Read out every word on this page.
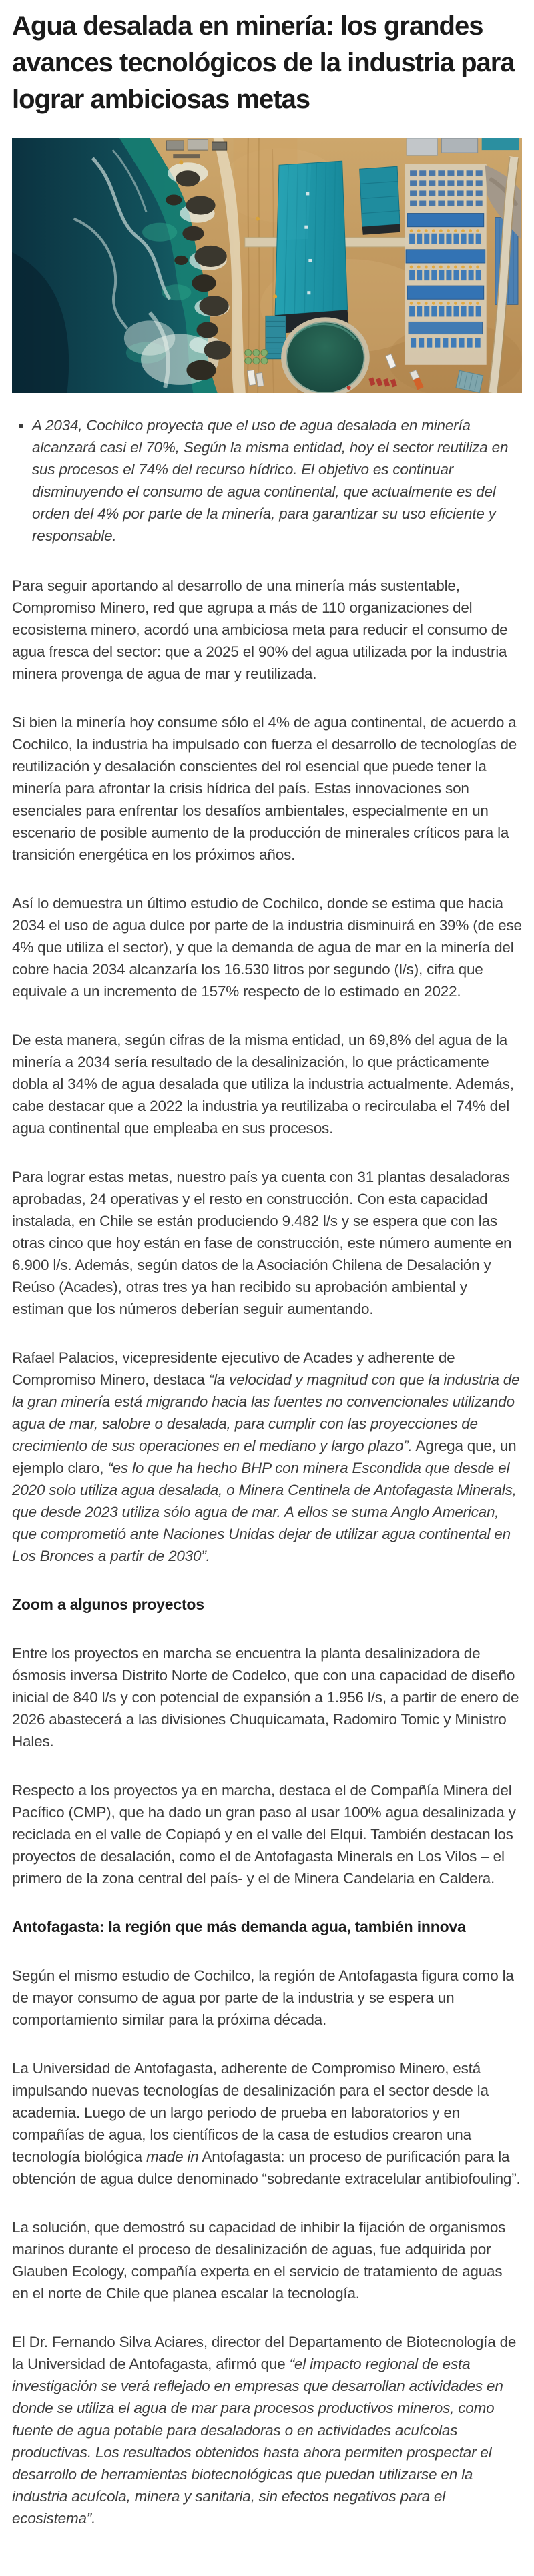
Agua desalada en minería: los grandes avances tecnológicos de la industria para lograr ambiciosas metas
• A 2034, Cochilco proyecta que el uso de agua desalada en minería alcanzará casi el 70%, Según la misma entidad, hoy el sector reutiliza en sus procesos el 74% del recurso hídrico. El objetivo es continuar disminuyendo el consumo de agua continental, que actualmente es del orden del 4% por parte de la minería, para garantizar su uso eficiente y responsable.

Para seguir aportando al desarrollo de una minería más sustentable, Compromiso Minero, red que agrupa a más de 110 organizaciones del ecosistema minero, acordó una ambiciosa meta para reducir el consumo de agua fresca del sector: que a 2025 el 90% del agua utilizada por la industria minera provenga de agua de mar y reutilizada.

Si bien la minería hoy consume sólo el 4% de agua continental, de acuerdo a Cochilco, la industria ha impulsado con fuerza el desarrollo de tecnologías de reutilización y desalación conscientes del rol esencial que puede tener la minería para afrontar la crisis hídrica del país. Estas innovaciones son esenciales para enfrentar los desafíos ambientales, especialmente en un escenario de posible aumento de la producción de minerales críticos para la transición energética en los próximos años.

Así lo demuestra un último estudio de Cochilco, donde se estima que hacia 2034 el uso de agua dulce por parte de la industria disminuirá en 39% (de ese 4% que utiliza el sector), y que la demanda de agua de mar en la minería del cobre hacia 2034 alcanzaría los 16.530 litros por segundo (l/s), cifra que equivale a un incremento de 157% respecto de lo estimado en 2022.

De esta manera, según cifras de la misma entidad, un 69,8% del agua de la minería a 2034 sería resultado de la desalinización, lo que prácticamente dobla al 34% de agua desalada que utiliza la industria actualmente. Además, cabe destacar que a 2022 la industria ya reutilizaba o recirculaba el 74% del agua continental que empleaba en sus procesos.

Para lograr estas metas, nuestro país ya cuenta con 31 plantas desaladoras aprobadas, 24 operativas y el resto en construcción. Con esta capacidad instalada, en Chile se están produciendo 9.482 l/s y se espera que con las otras cinco que hoy están en fase de construcción, este número aumente en 6.900 l/s. Además, según datos de la Asociación Chilena de Desalación y Reúso (Acades), otras tres ya han recibido su aprobación ambiental y estiman que los números deberían seguir aumentando.

Rafael Palacios, vicepresidente ejecutivo de Acades y adherente de Compromiso Minero, destaca “la velocidad y magnitud con que la industria de la gran minería está migrando hacia las fuentes no convencionales utilizando agua de mar, salobre o desalada, para cumplir con las proyecciones de crecimiento de sus operaciones en el mediano y largo plazo”. Agrega que, un ejemplo claro, “es lo que ha hecho BHP con minera Escondida que desde el 2020 solo utiliza agua desalada, o Minera Centinela de Antofagasta Minerals, que desde 2023 utiliza sólo agua de mar. A ellos se suma Anglo American, que comprometió ante Naciones Unidas dejar de utilizar agua continental en Los Bronces a partir de 2030”.

Zoom a algunos proyectos

Entre los proyectos en marcha se encuentra la planta desalinizadora de ósmosis inversa Distrito Norte de Codelco, que con una capacidad de diseño inicial de 840 l/s y con potencial de expansión a 1.956 l/s, a partir de enero de 2026 abastecerá a las divisiones Chuquicamata, Radomiro Tomic y Ministro Hales.

Respecto a los proyectos ya en marcha, destaca el de Compañía Minera del Pacífico (CMP), que ha dado un gran paso al usar 100% agua desalinizada y reciclada en el valle de Copiapó y en el valle del Elqui. También destacan los proyectos de desalación, como el de Antofagasta Minerals en Los Vilos – el primero de la zona central del país- y el de Minera Candelaria en Caldera.

Antofagasta: la región que más demanda agua, también innova

Según el mismo estudio de Cochilco, la región de Antofagasta figura como la de mayor consumo de agua por parte de la industria y se espera un comportamiento similar para la próxima década.

La Universidad de Antofagasta, adherente de Compromiso Minero, está impulsando nuevas tecnologías de desalinización para el sector desde la academia. Luego de un largo periodo de prueba en laboratorios y en compañías de agua, los científicos de la casa de estudios crearon una tecnología biológica made in Antofagasta: un proceso de purificación para la obtención de agua dulce denominado “sobredante extracelular antibiofouling”.

La solución, que demostró su capacidad de inhibir la fijación de organismos marinos durante el proceso de desalinización de aguas, fue adquirida por Glauben Ecology, compañía experta en el servicio de tratamiento de aguas en el norte de Chile que planea escalar la tecnología.

El Dr. Fernando Silva Aciares, director del Departamento de Biotecnología de la Universidad de Antofagasta, afirmó que “el impacto regional de esta investigación se verá reflejado en empresas que desarrollan actividades en donde se utiliza el agua de mar para procesos productivos mineros, como fuente de agua potable para desaladoras o en actividades acuícolas productivas. Los resultados obtenidos hasta ahora permiten prospectar el desarrollo de herramientas biotecnológicas que puedan utilizarse en la industria acuícola, minera y sanitaria, sin efectos negativos para el ecosistema”.
